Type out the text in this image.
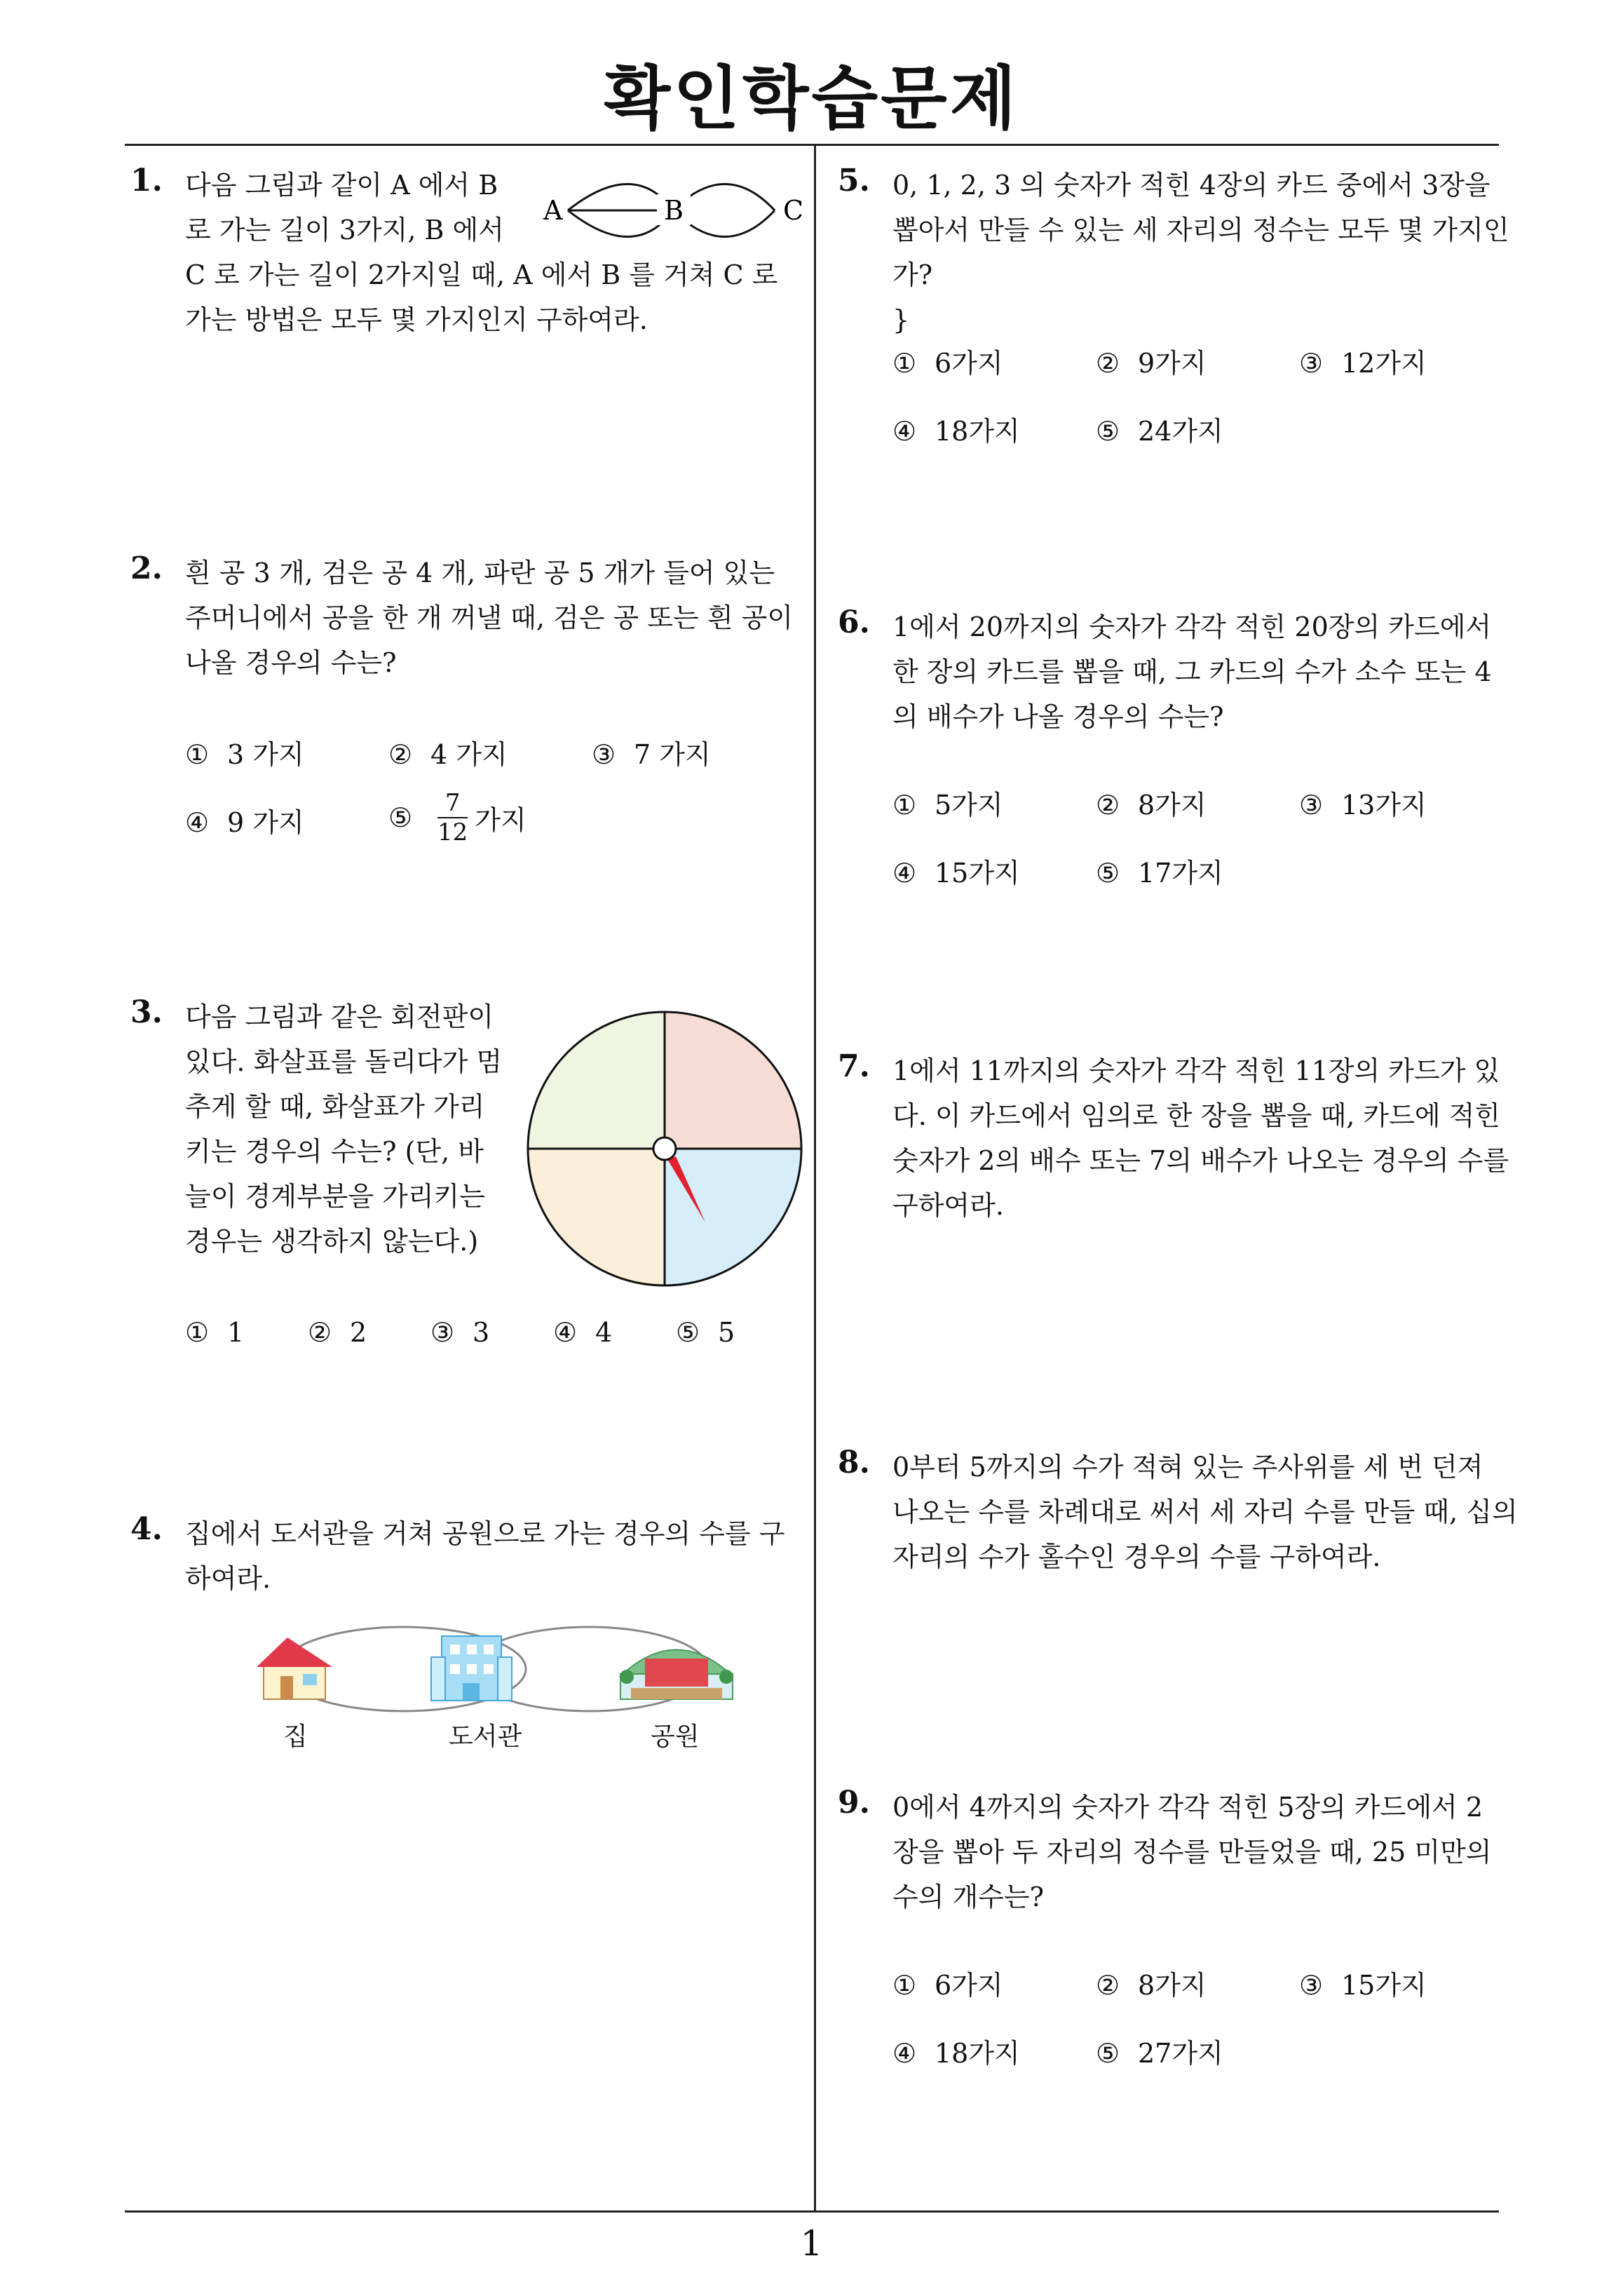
확인학습문제
1
1. 다음 그림과 같이 A 에서 B
로 가는 길이 3가지, B 에서
C 로 가는 길이 2가지일 때, A 에서 B 를 거쳐 C 로
가는 방법은 모두 몇 가지인지 구하여라.
A	B	C
2. 흰 공 3 개, 검은 공 4 개, 파란 공 5 개가 들어 있는
주머니에서 공을 한 개 꺼낼 때, 검은 공 또는 흰 공이
나올 경우의 수는?
① 3 가지	② 4 가지	③ 7 가지
④ 9 가지	⑤ $\frac{7}{12}$ 가지
3. 다음 그림과 같은 회전판이
있다. 화살표를 돌리다가 멈
추게 할 때, 화살표가 가리
키는 경우의 수는? (단, 바
늘이 경계부분을 가리키는
경우는 생각하지 않는다.)
① 1 ② 2 ③ 3 ④ 4 ⑤ 5
4. 집에서 도서관을 거쳐 공원으로 가는 경우의 수를 구
하여라.
집	도서관	공원
5. 0, 1, 2, 3 의 숫자가 적힌 4장의 카드 중에서 3장을
뽑아서 만들 수 있는 세 자리의 정수는 모두 몇 가지인
가?
}
① 6가지	② 9가지	③ 12가지
④ 18가지	⑤ 24가지
6. 1에서 20까지의 숫자가 각각 적힌 20장의 카드에서
한 장의 카드를 뽑을 때, 그 카드의 수가 소수 또는 4
의 배수가 나올 경우의 수는?
① 5가지	② 8가지	③ 13가지
④ 15가지	⑤ 17가지
7. 1에서 11까지의 숫자가 각각 적힌 11장의 카드가 있
다. 이 카드에서 임의로 한 장을 뽑을 때, 카드에 적힌
숫자가 2의 배수 또는 7의 배수가 나오는 경우의 수를
구하여라.
8. 0부터 5까지의 수가 적혀 있는 주사위를 세 번 던져
나오는 수를 차례대로 써서 세 자리 수를 만들 때, 십의
자리의 수가 홀수인 경우의 수를 구하여라.
9. 0에서 4까지의 숫자가 각각 적힌 5장의 카드에서 2
장을 뽑아 두 자리의 정수를 만들었을 때, 25 미만의
수의 개수는?
① 6가지	② 8가지	③ 15가지
④ 18가지	⑤ 27가지
